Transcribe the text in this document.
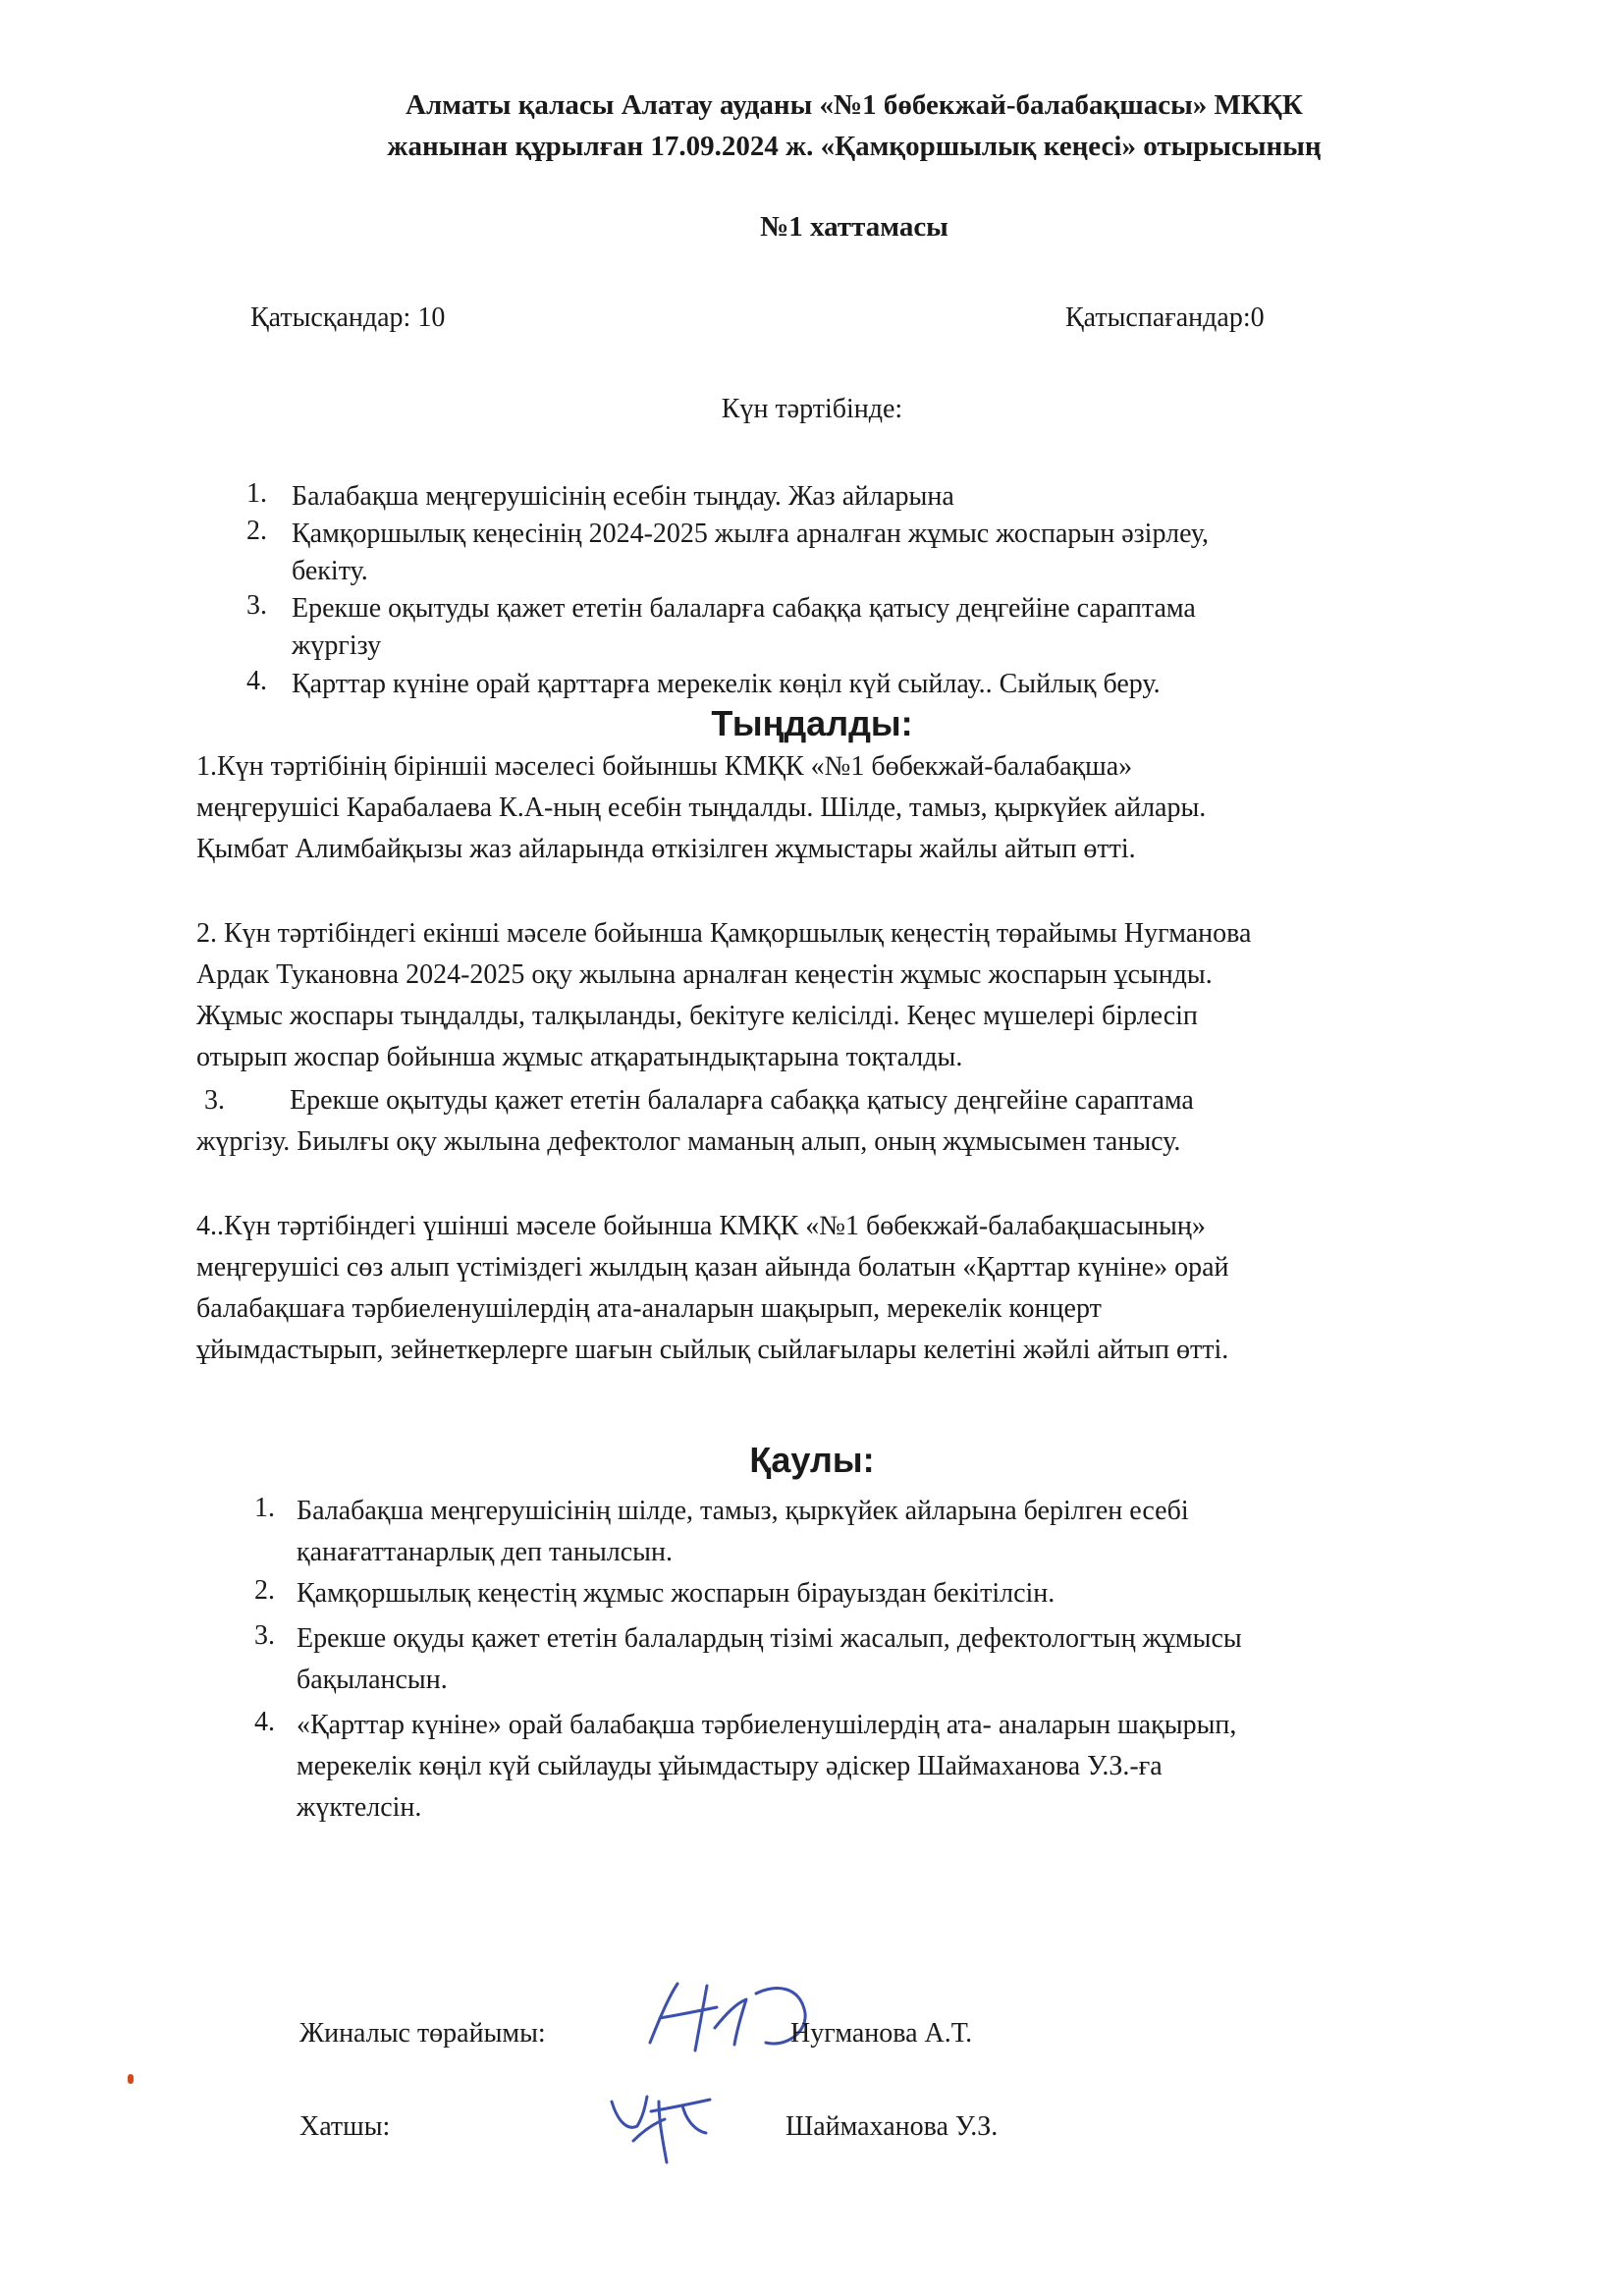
Алматы қаласы Алатау ауданы «№1 бөбекжай-балабақшасы» МКҚК
жанынан құрылған 17.09.2024 ж. «Қамқоршылық кеңесі» отырысының
№1 хаттамасы
Қатысқандар: 10	Қатыспағандар:0
Күн тәртібінде:
1. Балабақша меңгерушісінің есебін тыңдау. Жаз айларына
2. Қамқоршылық кеңесінің 2024-2025 жылға арналған жұмыс жоспарын әзірлеу,
бекіту.
3. Ерекше оқытуды қажет ететін балаларға сабаққа қатысу деңгейіне сараптама
жүргізу
4. Қарттар күніне орай қарттарға мерекелік көңіл күй сыйлау.. Сыйлық беру.
Тыңдалды:
1.Күн тәртібінің біріншіі мәселесі бойыншы КМҚК «№1 бөбекжай-балабақша»
меңгерушісі Карабалаева К.А-ның есебін тыңдалды. Шілде, тамыз, қыркүйек айлары.
Қымбат Алимбайқызы жаз айларында өткізілген жұмыстары жайлы айтып өтті.
2. Күн тәртібіндегі екінші мәселе бойынша Қамқоршылық кеңестің төрайымы Нугманова
Ардак Тукановна 2024-2025 оқу жылына арналған кеңестін жұмыс жоспарын ұсынды.
Жұмыс жоспары тыңдалды, талқыланды, бекітуге келісілді. Кеңес мүшелері бірлесіп
отырып жоспар бойынша жұмыс атқаратындықтарына тоқталды.
3.	Ерекше оқытуды қажет ететін балаларға сабаққа қатысу деңгейіне сараптама
жүргізу. Биылғы оқу жылына дефектолог маманың алып, оның жұмысымен танысу.
4..Күн тәртібіндегі үшінші мәселе бойынша КМҚК «№1 бөбекжай-балабақшасының»
меңгерушісі сөз алып үстіміздегі жылдың қазан айында болатын «Қарттар күніне» орай
балабақшаға тәрбиеленушілердің ата-аналарын шақырып, мерекелік концерт
ұйымдастырып, зейнеткерлерге шағын сыйлық сыйлағылары келетіні жәйлі айтып өтті.
Қаулы:
1. Балабақша меңгерушісінің шілде, тамыз, қыркүйек айларына берілген есебі
қанағаттанарлық деп танылсын.
2. Қамқоршылық кеңестің жұмыс жоспарын бірауыздан бекітілсін.
3. Ерекше оқуды қажет ететін балалардың тізімі жасалып, дефектологтың жұмысы
бақылансын.
4. «Қарттар күніне» орай балабақша тәрбиеленушілердің ата- аналарын шақырып,
мерекелік көңіл күй сыйлауды ұйымдастыру әдіскер Шаймаханова У.З.-ға
жүктелсін.
Жиналыс төрайымы:	Нугманова А.Т.
Хатшы:	Шаймаханова У.З.
